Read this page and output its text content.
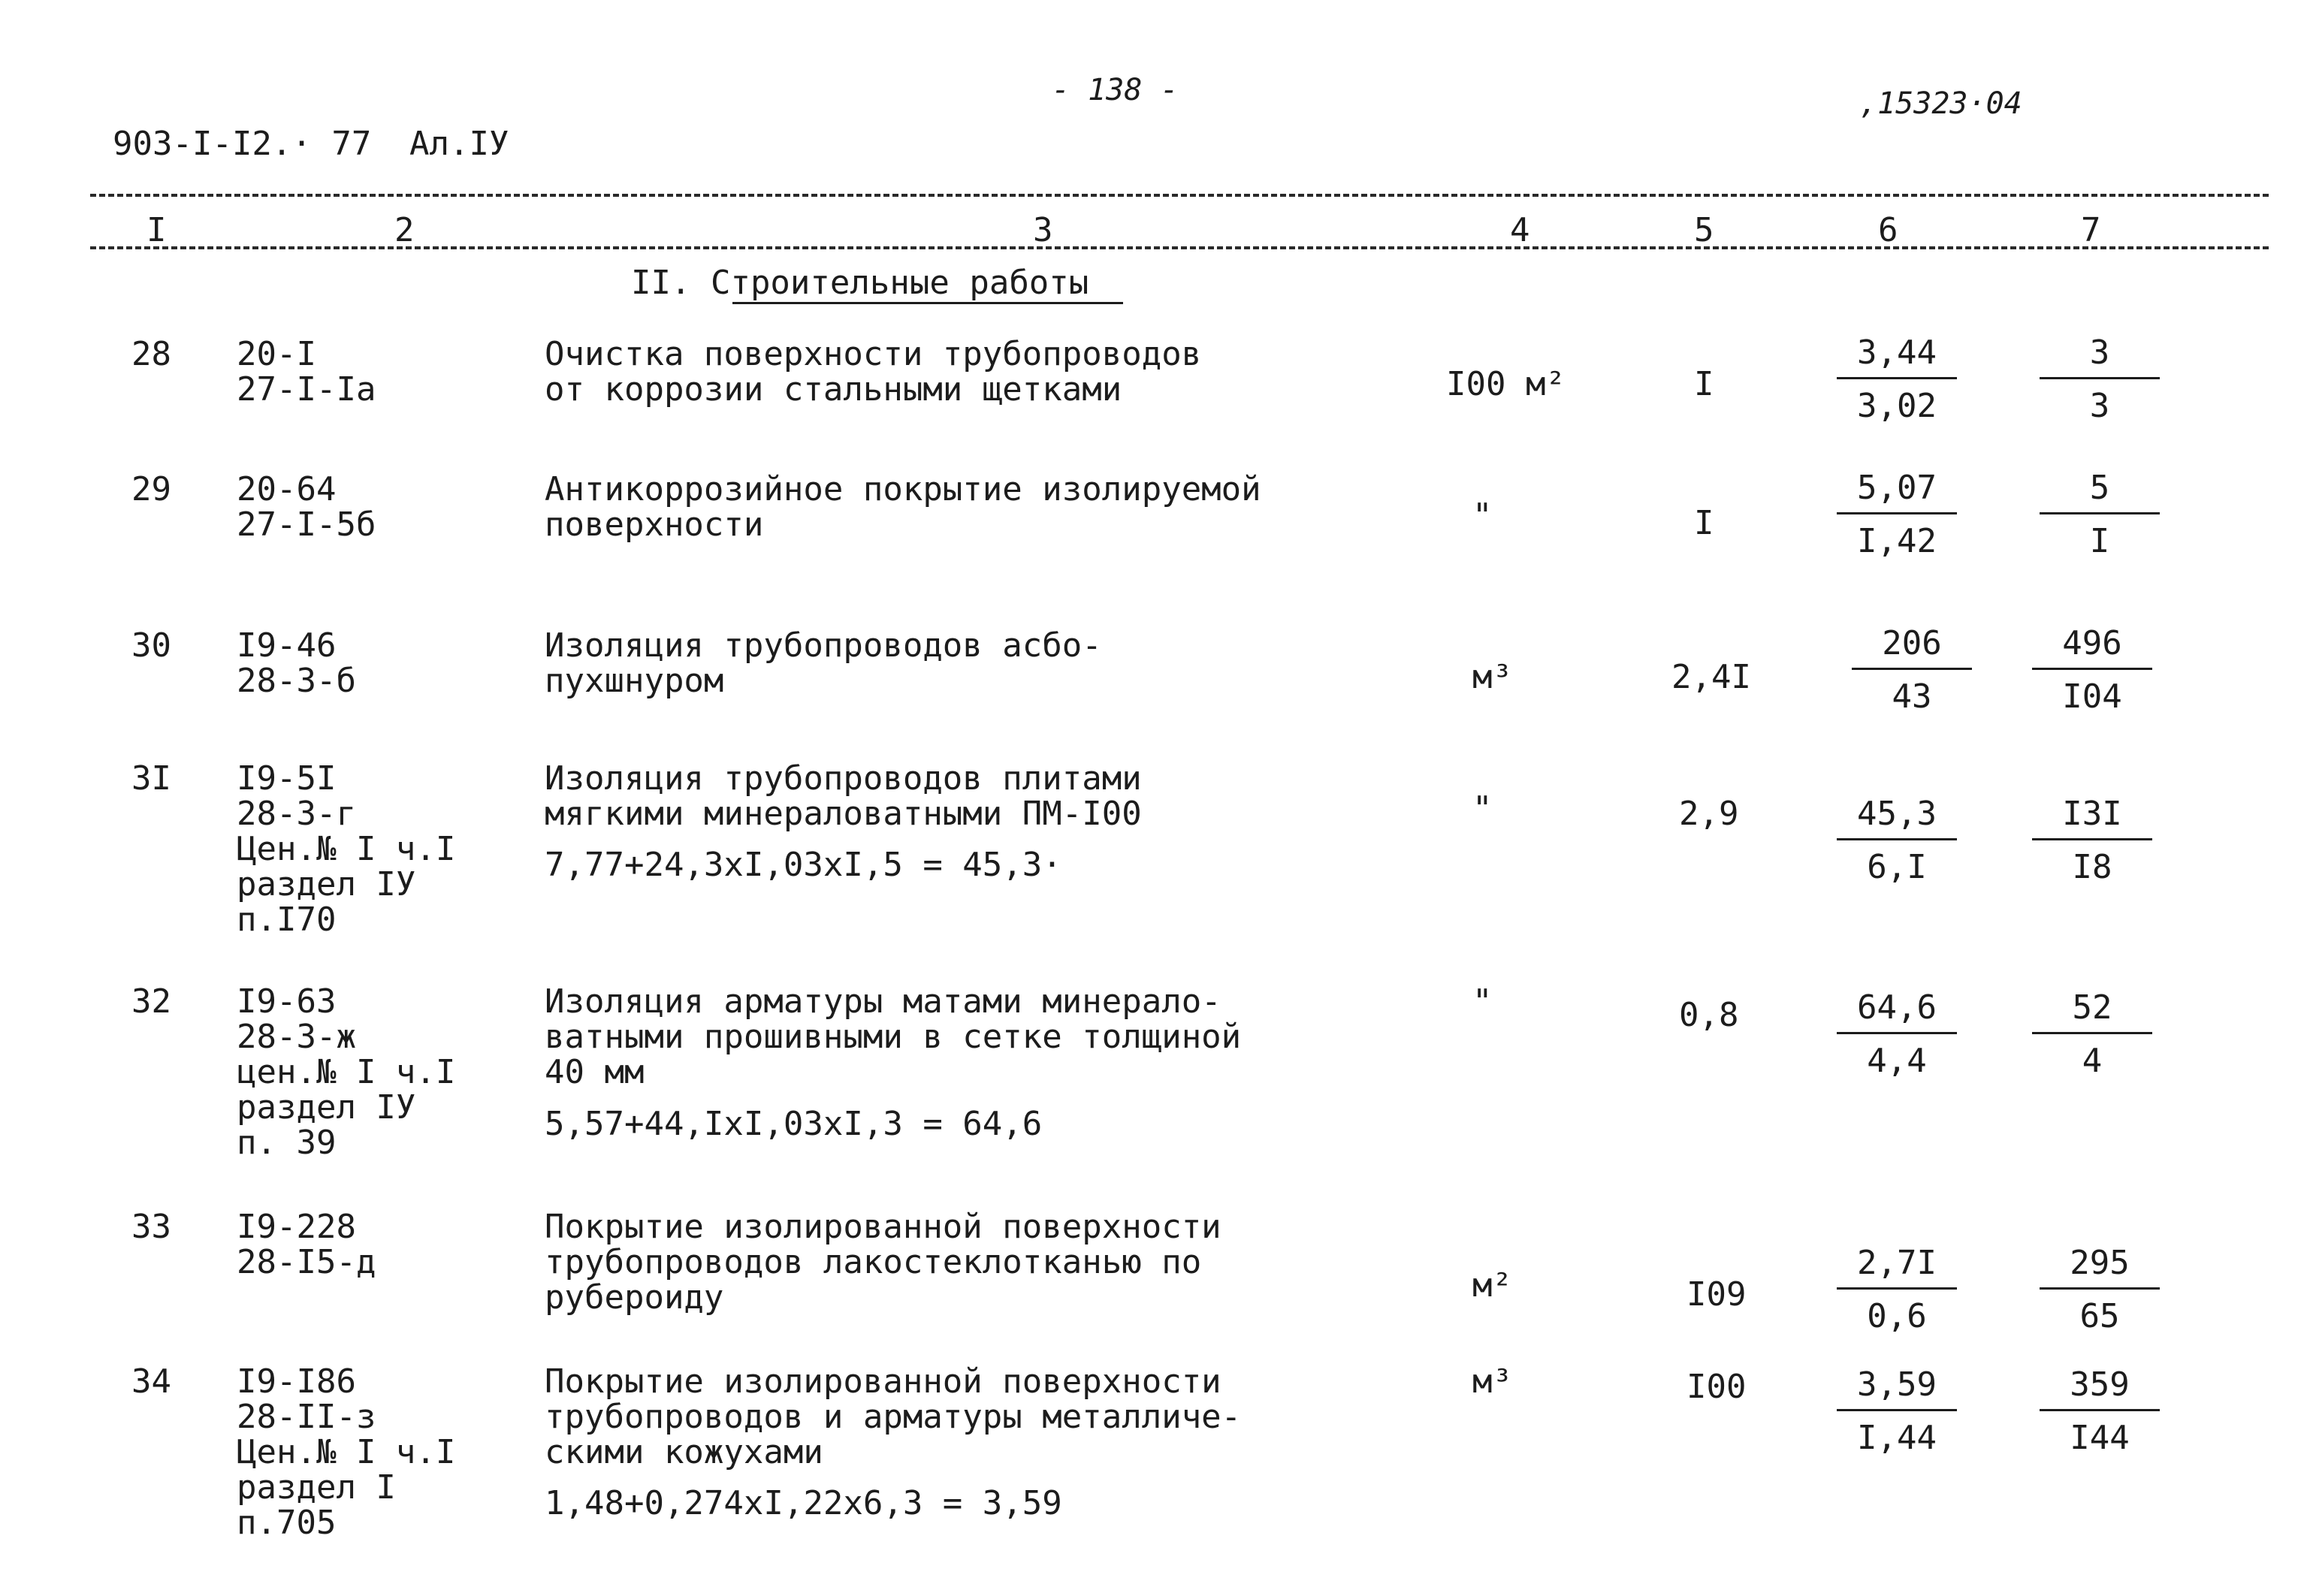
903-I-I2.· 77 Ал.IУ
- 138 -	,15323·04
I	2	3	4	5	6	7
II. Строительные работы
28 20-I
27-I-Ia
Очистка поверхности трубопроводов
от коррозии стальными щетками	I00 м²	I	$\frac{3,44}{3,02}$	$\frac{3}{3}$
29 20-64
27-I-5б
Антикоррозийное покрытие изолируемой
поверхности	"	I	$\frac{5,07}{I,42}$	$\frac{5}{I}$
30 I9-46
28-3-б
Изоляция трубопроводов асбо-
пухшнуром	м³	2,4I	$\frac{206}{43} \frac{496}{I04}$
3I I9-5I
28-3-г
Цен.№ I ч.I
раздел IУ
п.I70
Изоляция трубопроводов плитами
мягкими минераловатными ПМ-I00
7,77+24,3хI,03хI,5 = 45,3·
"	2,9	$\frac{45,3}{6,I} \frac{I3I}{I8}$
32 I9-63
28-3-ж
цен.№ I ч.I
раздел IУ
п. 39
Изоляция арматуры матами минерало-
ватными прошивными в сетке толщиной
40 мм
5,57+44,IхI,03хI,3 = 64,6
"	0,8	$\frac{64,6}{4,4} \frac{52}{4}$
33 I9-228
28-I5-д
Покрытие изолированной поверхности
трубопроводов лакостеклотканью по
рубероиду	м²	I09	$\frac{2,7I}{0,6}$	$\frac{295}{65}$
34 I9-I86
28-II-з
Цен.№ I ч.I
раздел I
п.705
Покрытие изолированной поверхности
трубопроводов и арматуры металличе-
скими кожухами
1,48+0,274хI,22х6,3 = 3,59
м³	I00	$\frac{3,59}{I,44}$	$\frac{359}{I44}$
